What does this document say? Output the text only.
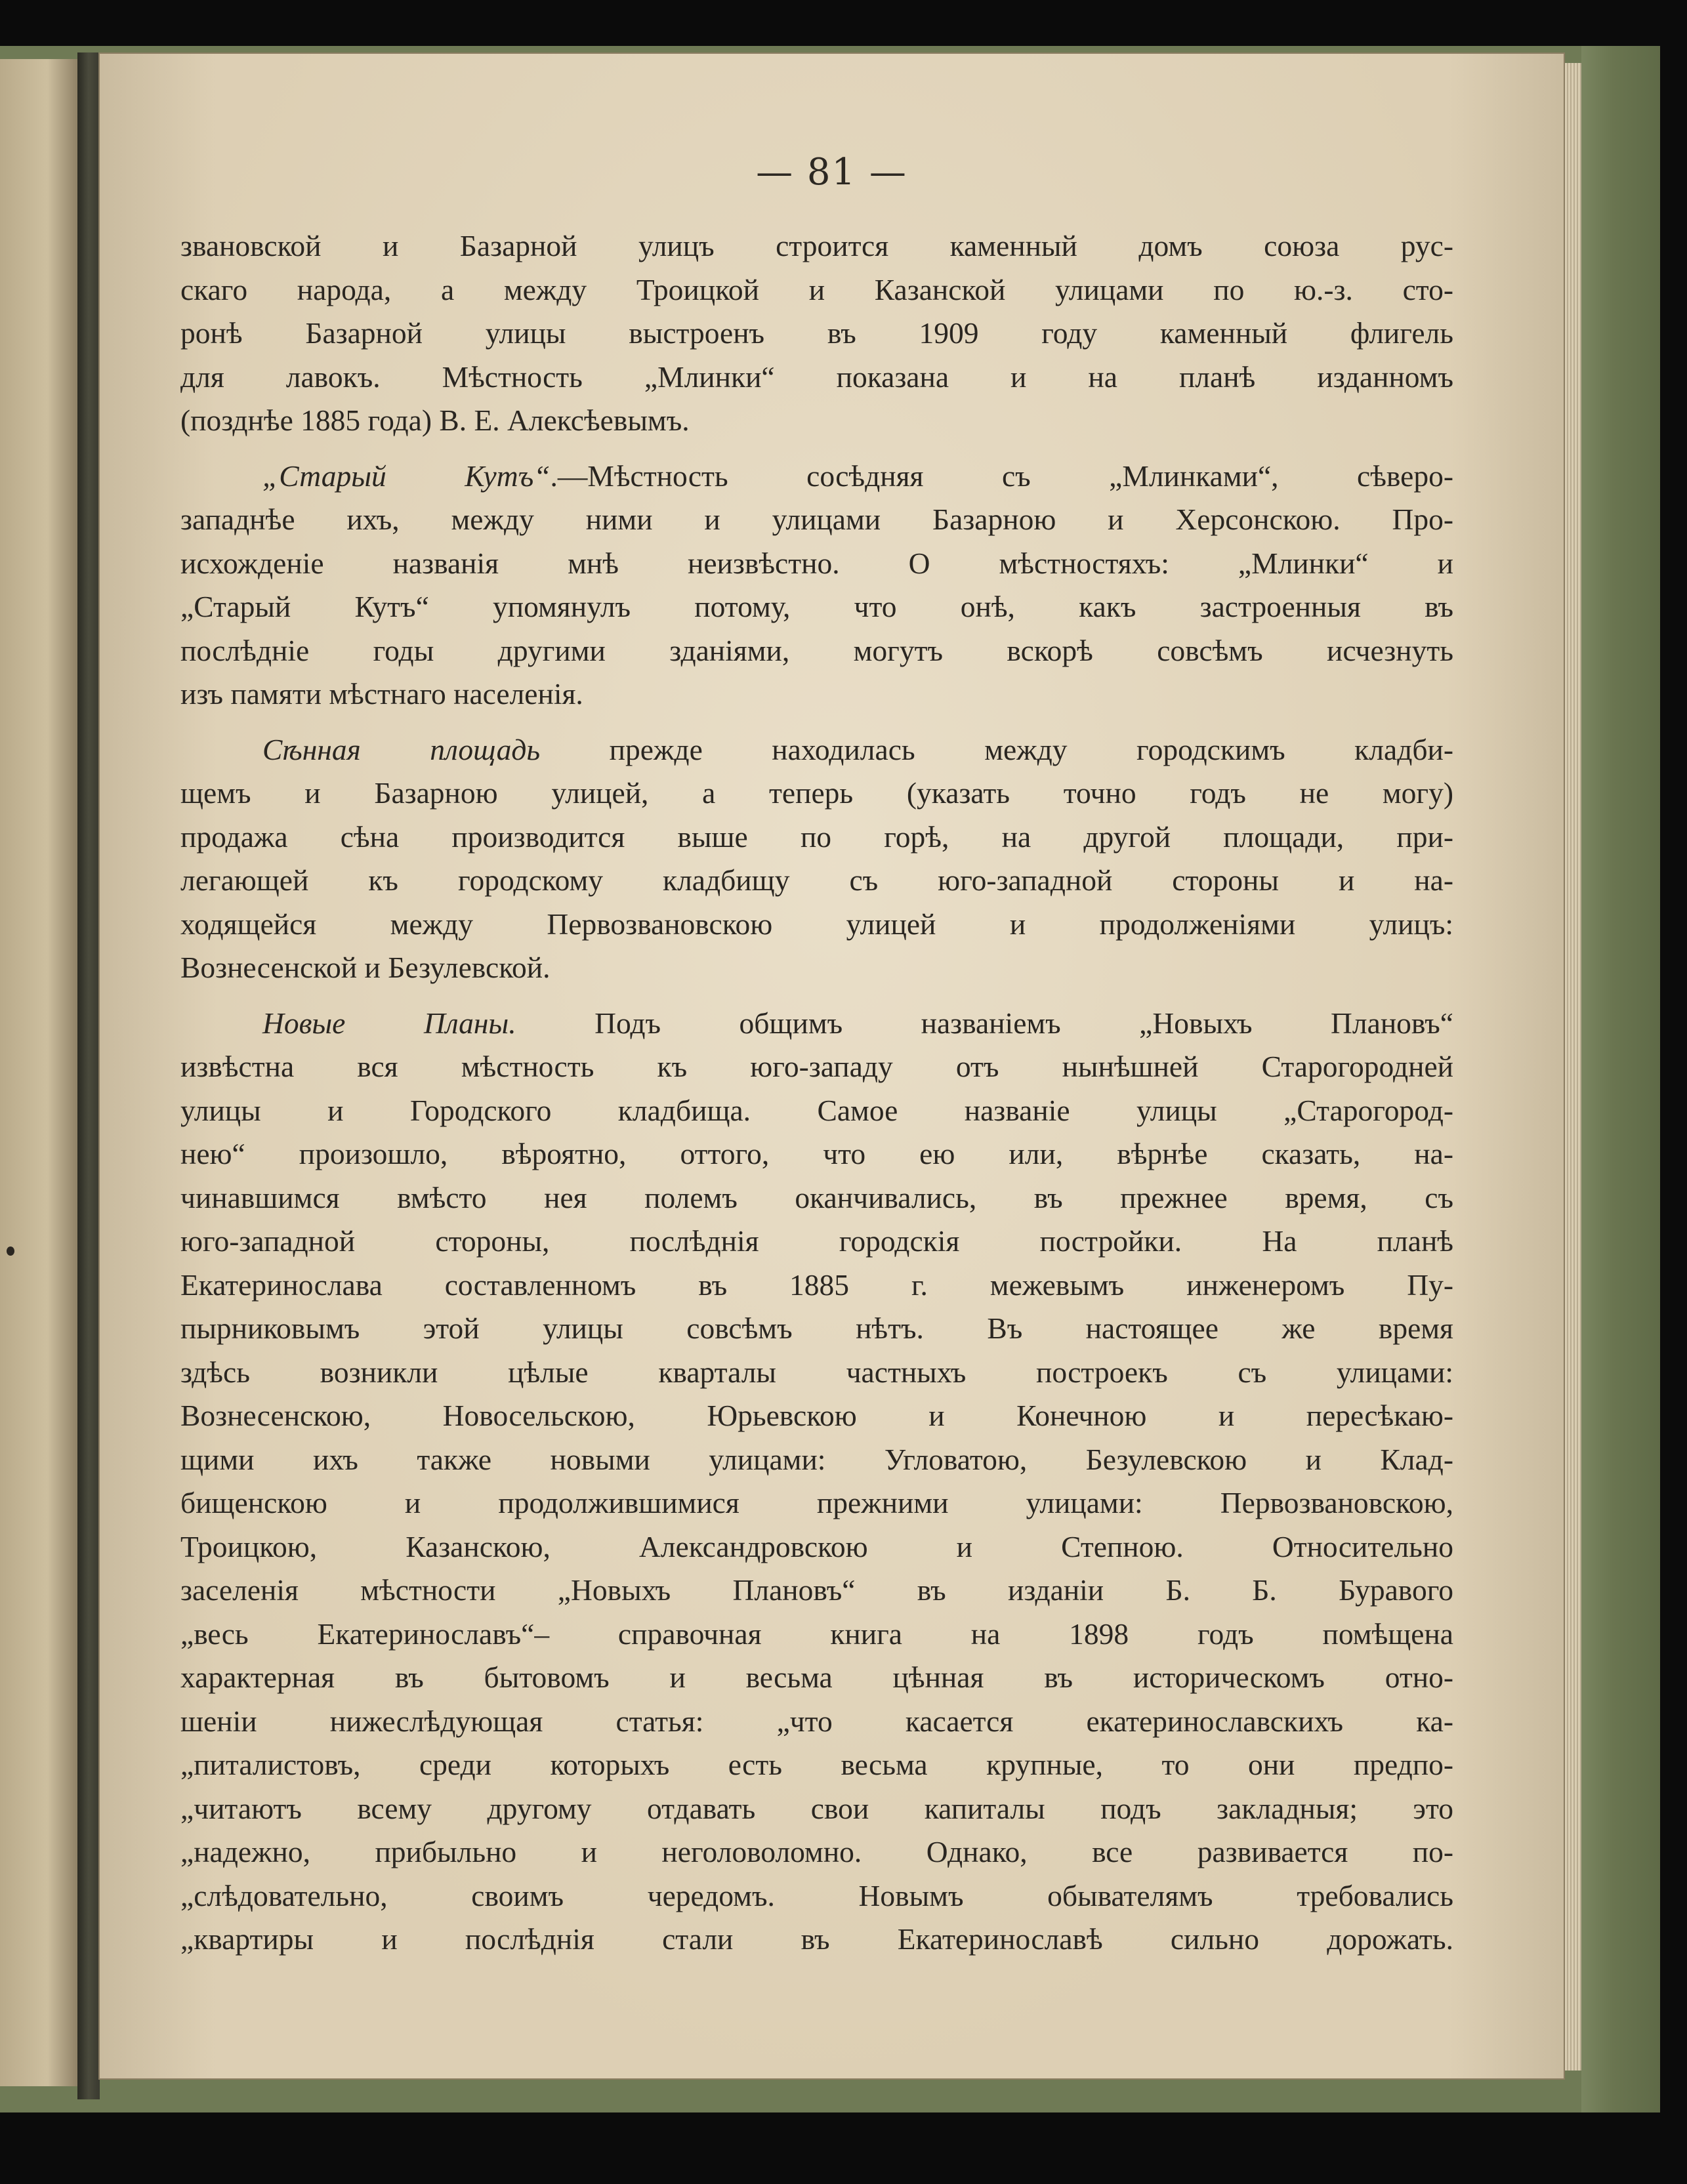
— 81 —
звановской и Базарной улицъ строится каменный домъ союза рус-
скаго народа, а между Троицкой и Казанской улицами по ю.-з. сто-
ронѣ Базарной улицы выстроенъ въ 1909 году каменный флигель
для лавокъ. Мѣстность „Млинки“ показана и на планѣ изданномъ
(позднѣе 1885 года) В. Е. Алексѣевымъ.
„Старый Кутъ“.—Мѣстность сосѣдняя съ „Млинками“, сѣверо-
западнѣе ихъ, между ними и улицами Базарною и Херсонскою. Про-
исхожденіе названія мнѣ неизвѣстно. О мѣстностяхъ: „Млинки“ и
„Старый Кутъ“ упомянулъ потому, что онѣ, какъ застроенныя въ
послѣдніе годы другими зданіями, могутъ вскорѣ совсѣмъ исчезнуть
изъ памяти мѣстнаго населенія.
Сѣнная площадь прежде находилась между городскимъ кладби-
щемъ и Базарною улицей, а теперь (указать точно годъ не могу)
продажа сѣна производится выше по горѣ, на другой площади, при-
легающей къ городскому кладбищу съ юго-западной стороны и на-
ходящейся между Первозвановскою улицей и продолженіями улицъ:
Вознесенской и Безулевской.
Новые Планы. Подъ общимъ названіемъ „Новыхъ Плановъ“
извѣстна вся мѣстность къ юго-западу отъ нынѣшней Старогородней
улицы и Городского кладбища. Самое названіе улицы „Старогород-
нею“ произошло, вѣроятно, оттого, что ею или, вѣрнѣе сказать, на-
чинавшимся вмѣсто нея полемъ оканчивались, въ прежнее время, съ
юго-западной стороны, послѣднія городскія постройки. На планѣ
Екатеринослава составленномъ въ 1885 г. межевымъ инженеромъ Пу-
пырниковымъ этой улицы совсѣмъ нѣтъ. Въ настоящее же время
здѣсь возникли цѣлые кварталы частныхъ построекъ съ улицами:
Вознесенскою, Новосельскою, Юрьевскою и Конечною и пересѣкаю-
щими ихъ также новыми улицами: Угловатою, Безулевскою и Клад-
бищенскою и продолжившимися прежними улицами: Первозвановскою,
Троицкою, Казанскою, Александровскою и Степною. Относительно
заселенія мѣстности „Новыхъ Плановъ“ въ изданіи Б. Б. Буравого
„весь Екатеринославъ“– справочная книга на 1898 годъ помѣщена
характерная въ бытовомъ и весьма цѣнная въ историческомъ отно-
шеніи нижеслѣдующая статья: „что касается екатеринославскихъ ка-
„питалистовъ, среди которыхъ есть весьма крупные, то они предпо-
„читаютъ всему другому отдавать свои капиталы подъ закладныя; это
„надежно, прибыльно и неголоволомно. Однако, все развивается по-
„слѣдовательно, своимъ чередомъ. Новымъ обывателямъ требовались
„квартиры и послѣднія стали въ Екатеринославѣ сильно дорожать.
